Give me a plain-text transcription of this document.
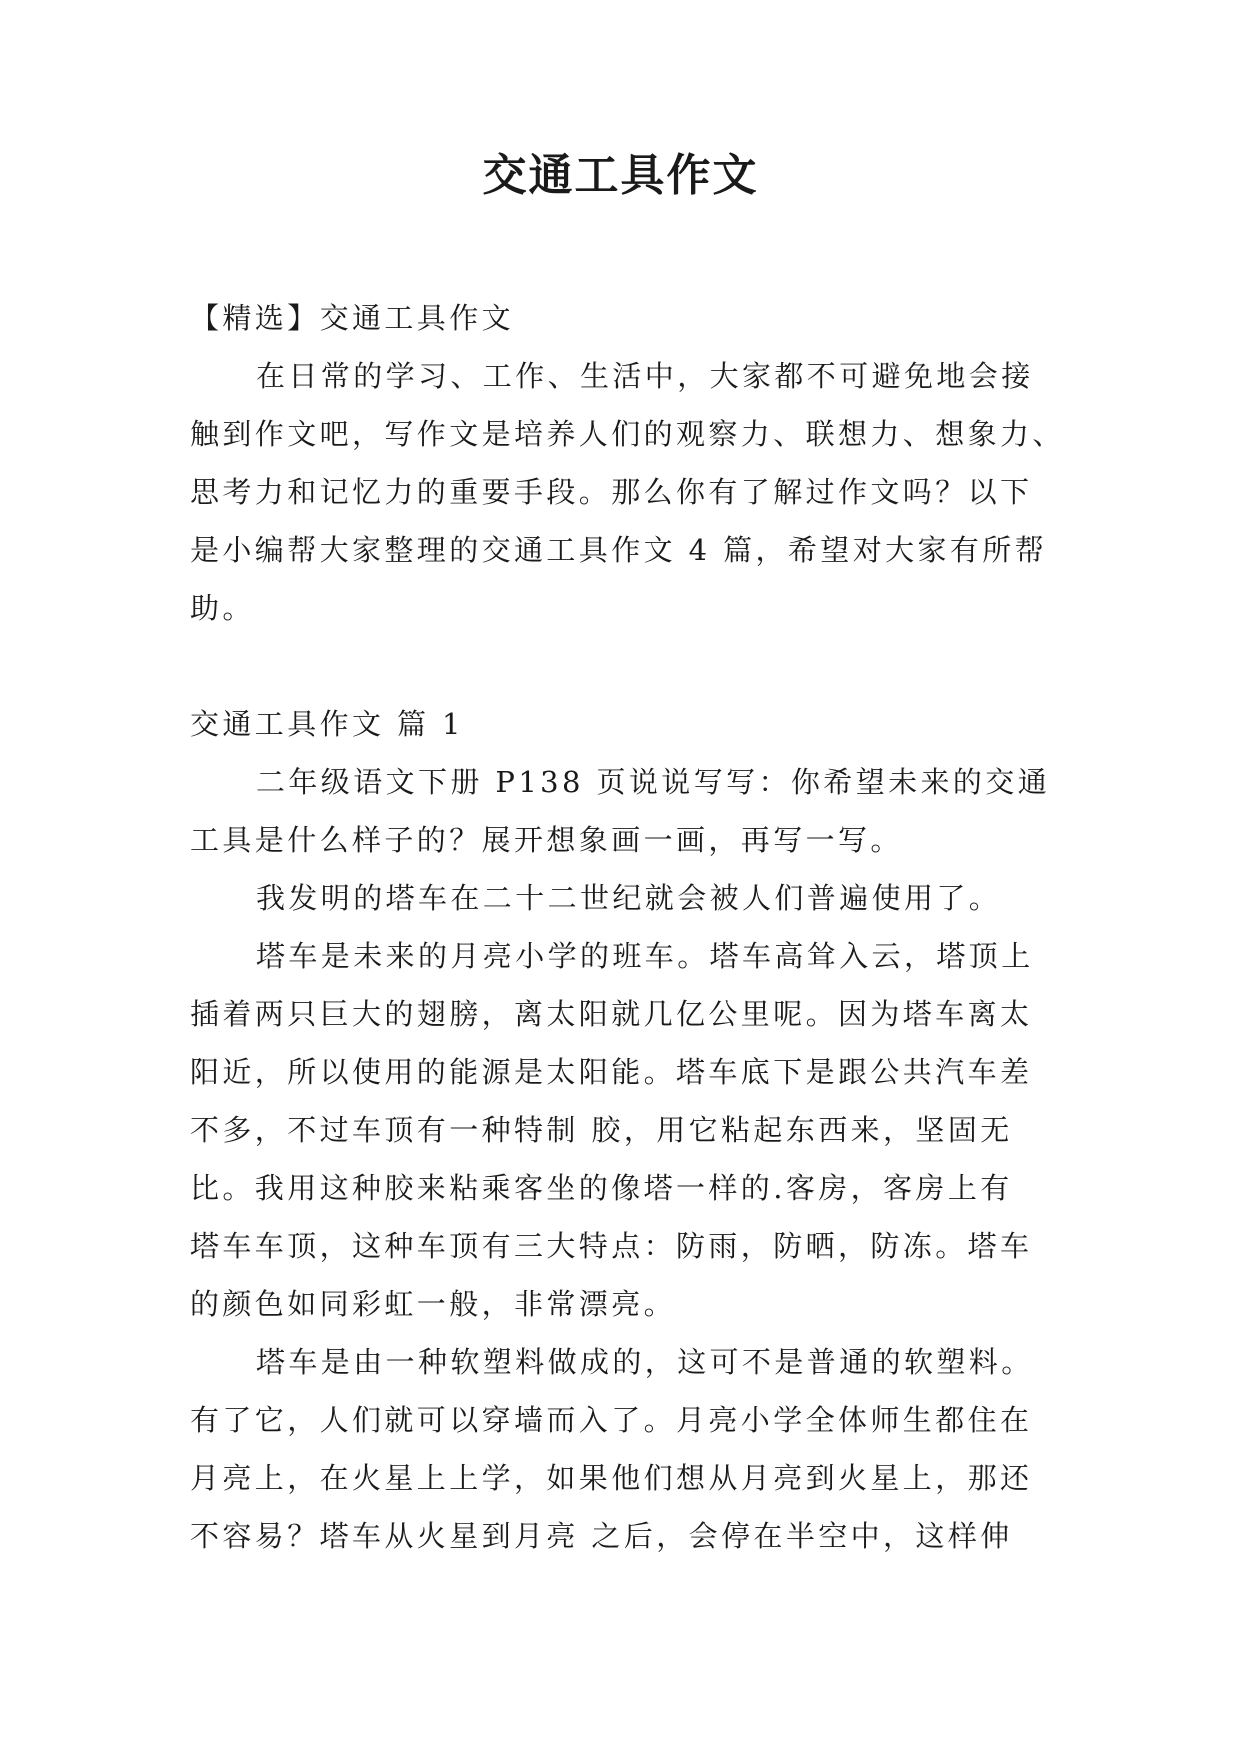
交通工具作文

【精选】交通工具作文

在日常的学习、工作、生活中，大家都不可避免地会接
触到作文吧，写作文是培养人们的观察力、联想力、想象力、
思考力和记忆力的重要手段。那么你有了解过作文吗？以下
是小编帮大家整理的交通工具作文 4 篇，希望对大家有所帮
助。

交通工具作文 篇 1

二年级语文下册 P138 页说说写写：你希望未来的交通
工具是什么样子的？展开想象画一画，再写一写。

我发明的塔车在二十二世纪就会被人们普遍使用了。

塔车是未来的月亮小学的班车。塔车高耸入云，塔顶上
插着两只巨大的翅膀，离太阳就几亿公里呢。因为塔车离太
阳近，所以使用的能源是太阳能。塔车底下是跟公共汽车差
不多，不过车顶有一种特制 胶，用它粘起东西来，坚固无
比。我用这种胶来粘乘客坐的像塔一样的.客房，客房上有
塔车车顶，这种车顶有三大特点：防雨，防晒，防冻。塔车
的颜色如同彩虹一般，非常漂亮。

塔车是由一种软塑料做成的，这可不是普通的软塑料。
有了它，人们就可以穿墙而入了。月亮小学全体师生都住在
月亮上，在火星上上学，如果他们想从月亮到火星上，那还
不容易？塔车从火星到月亮 之后，会停在半空中，这样伸
